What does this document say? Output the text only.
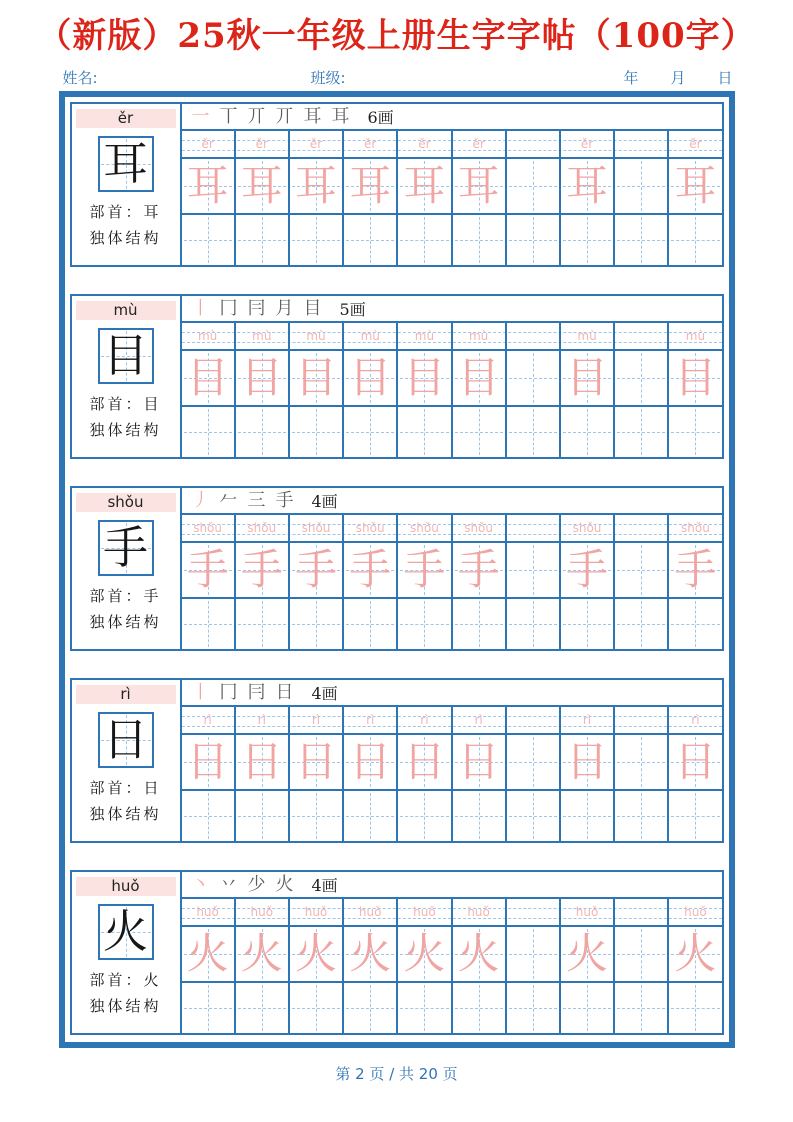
（新版）25秋一年级上册生字字帖（100字）
姓名:	班级:	年 月 日
ěr
耳
部首：耳
独体结构
一 丅 丌 丌 耳 耳 6画
ěr	ěr	ěr	ěr	ěr	ěr	ěr	ěr
耳 耳 耳 耳 耳 耳 耳 耳
mù
目
部首：目
独体结构
丨 冂 冃 月 目 5画
mù	mù	mù	mù	mù	mù	mù	mù
目 目 目 目 目 目 目 目
shǒu
手
部首：手
独体结构
丿 𠂉 三 手 4画
shǒu	shǒu	shǒu	shǒu	shǒu	shǒu	shǒu	shǒu
手 手 手 手 手 手 手 手
rì
日
部首：日
独体结构
丨 冂 冃 日 4画
rì	rì	rì	rì	rì	rì	rì	rì
日 日 日 日 日 日 日 日
huǒ
火
部首：火
独体结构
丶 丷 少 火 4画
huǒ	huǒ	huǒ	huǒ	huǒ	huǒ	huǒ	huǒ
火 火 火 火 火 火 火 火
第 2 页 / 共 20 页
